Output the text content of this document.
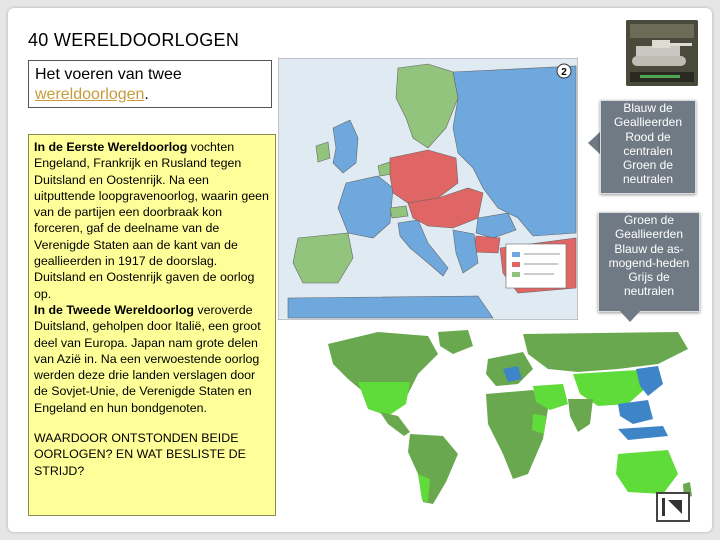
40 WERELDOORLOGEN
Het voeren van twee wereldoorlogen.
In de Eerste Wereldoorlog vochten Engeland, Frankrijk en Rusland tegen Duitsland en Oostenrijk. Na een uitputtende loopgravenoorlog, waarin geen van de partijen een doorbraak kon forceren, gaf de deelname van de Verenigde Staten aan de kant van de geallieerden in 1917 de doorslag. Duitsland en Oostenrijk gaven de oorlog op.
In de Tweede Wereldoorlog veroverde Duitsland, geholpen door Italië, een groot deel van Europa. Japan nam grote delen van Azië in. Na een verwoestende oorlog werden deze drie landen verslagen door de Sovjet-Unie, de Verenigde Staten en Engeland en hun bondgenoten.
WAARDOOR ONTSTONDEN BEIDE OORLOGEN? EN WAT BESLISTE DE STRIJD?
2
Blauw de
Geallieerden
Rood de
centralen
Groen de
neutralen
Groen de
Geallieerden
Blauw de as-
mogend-heden
Grijs de
neutralen
